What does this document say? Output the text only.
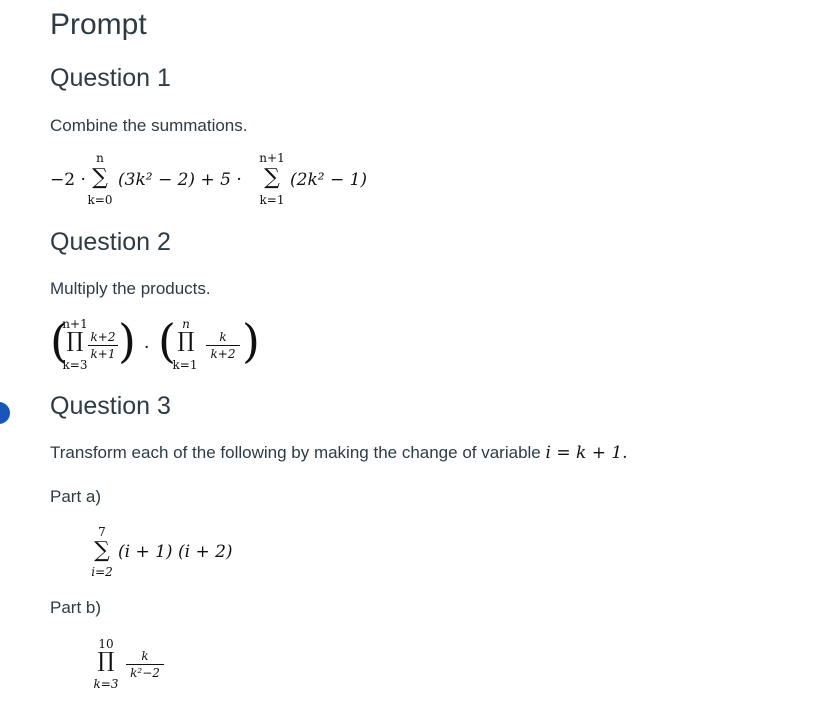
Prompt
Question 1

Combine the summations.

−2 ·
n
∑
k=0
(3k² − 2) + 5 ·
n+1
∑
k=1
(2k² − 1)
Question 2

Multiply the products.

(
n+1
∏
k=3
k+2
k+1 ) · ( n
∏
k=1
k
k+2 )
Question 3

Transform each of the following by making the change of variable i = k + 1.

Part a)

7
∑
i=2
(i + 1) (i + 2)

Part b)

10
∏
k=3
k
k²−2
